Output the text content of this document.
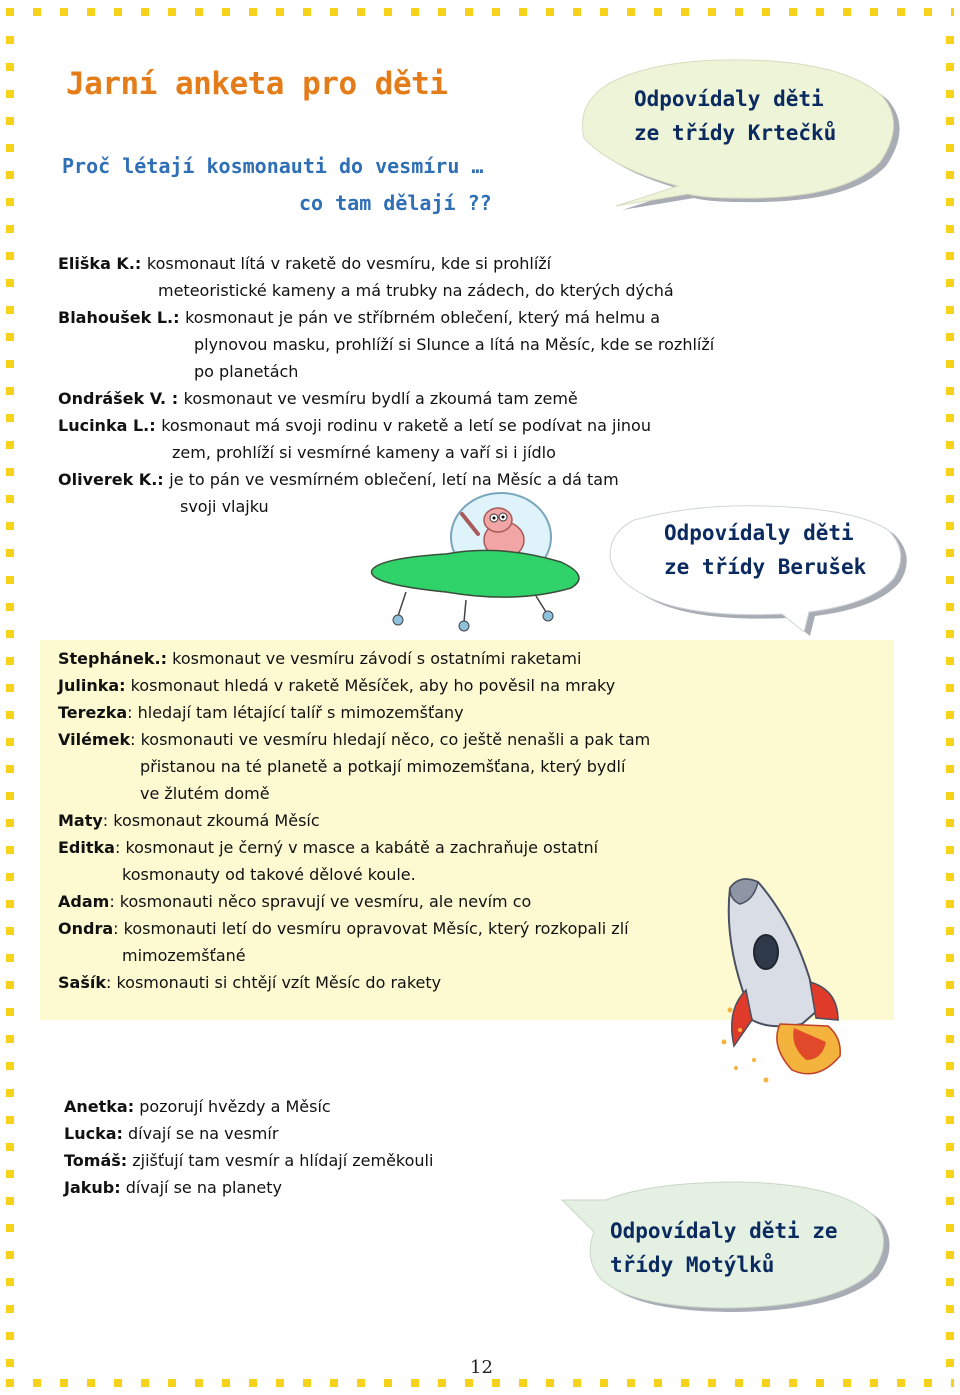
Jarní anketa pro děti

Proč létají kosmonauti do vesmíru …
co tam dělají ??

Odpovídaly děti
ze třídy Krtečků
Eliška K.: kosmonaut lítá v raketě do vesmíru, kde si prohlíží
meteoristické kameny a má trubky na zádech, do kterých dýchá
Blahoušek L.: kosmonaut je pán ve stříbrném oblečení, který má helmu a
plynovou masku, prohlíží si Slunce a lítá na Měsíc, kde se rozhlíží
po planetách
Ondrášek V. : kosmonaut ve vesmíru bydlí a zkoumá tam země
Lucinka L.: kosmonaut má svoji rodinu v raketě a letí se podívat na jinou
zem, prohlíží si vesmírné kameny a vaří si i jídlo
Oliverek K.: je to pán ve vesmírném oblečení, letí na Měsíc a dá tam
svoji vlajku
Odpovídaly děti
ze třídy Berušek
Stephánek.: kosmonaut ve vesmíru závodí s ostatními raketami
Julinka: kosmonaut hledá v raketě Měsíček, aby ho pověsil na mraky
Terezka: hledají tam létající talíř s mimozemšťany
Vilémek: kosmonauti ve vesmíru hledají něco, co ještě nenašli a pak tam
přistanou na té planetě a potkají mimozemšťana, který bydlí
ve žlutém domě
Maty: kosmonaut zkoumá Měsíc
Editka: kosmonaut je černý v masce a kabátě a zachraňuje ostatní
kosmonauty od takové dělové koule.
Adam: kosmonauti něco spravují ve vesmíru, ale nevím co
Ondra: kosmonauti letí do vesmíru opravovat Měsíc, který rozkopali zlí
mimozemšťané
Sašík: kosmonauti si chtějí vzít Měsíc do rakety
Anetka: pozorují hvězdy a Měsíc
Lucka: dívají se na vesmír
Tomáš: zjišťují tam vesmír a hlídají zeměkouli
Jakub: dívají se na planety
Odpovídaly děti ze
třídy Motýlků
12
